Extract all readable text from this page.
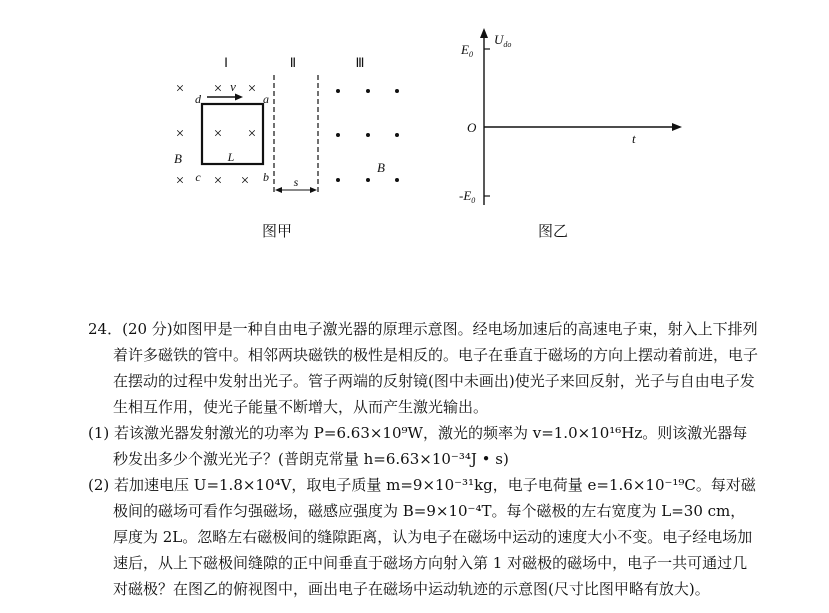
Ⅰ	Ⅱ	Ⅲ
× × ×
× × ×
× × ×
v
d	a
c	b
L
B
s
B
$U_{do}$
$E_0$
O
t
$-E_0$
图甲	图乙

24．(20 分)如图甲是一种自由电子激光器的原理示意图。经电场加速后的高速电子束，射入上下排列着许多磁铁的管中。相邻两块磁铁的极性是相反的。电子在垂直于磁场的方向上摆动着前进，电子在摆动的过程中发射出光子。管子两端的反射镜(图中未画出)使光子来回反射，光子与自由电子发生相互作用，使光子能量不断增大，从而产生激光输出。

(1) 若该激光器发射激光的功率为 P=6.63×10⁹W，激光的频率为 v=1.0×10¹⁶Hz。则该激光器每秒发出多少个激光光子？(普朗克常量 h=6.63×10⁻³⁴J • s)

(2) 若加速电压 U=1.8×10⁴V，取电子质量 m=9×10⁻³¹kg，电子电荷量 e=1.6×10⁻¹⁹C。每对磁极间的磁场可看作匀强磁场，磁感应强度为 B=9×10⁻⁴T。每个磁极的左右宽度为 L=30 cm，厚度为 2L。忽略左右磁极间的缝隙距离，认为电子在磁场中运动的速度大小不变。电子经电场加速后，从上下磁极间缝隙的正中间垂直于磁场方向射入第 1 对磁极的磁场中，电子一共可通过几对磁极？在图乙的俯视图中，画出电子在磁场中运动轨迹的示意图(尺寸比图甲略有放大)。
